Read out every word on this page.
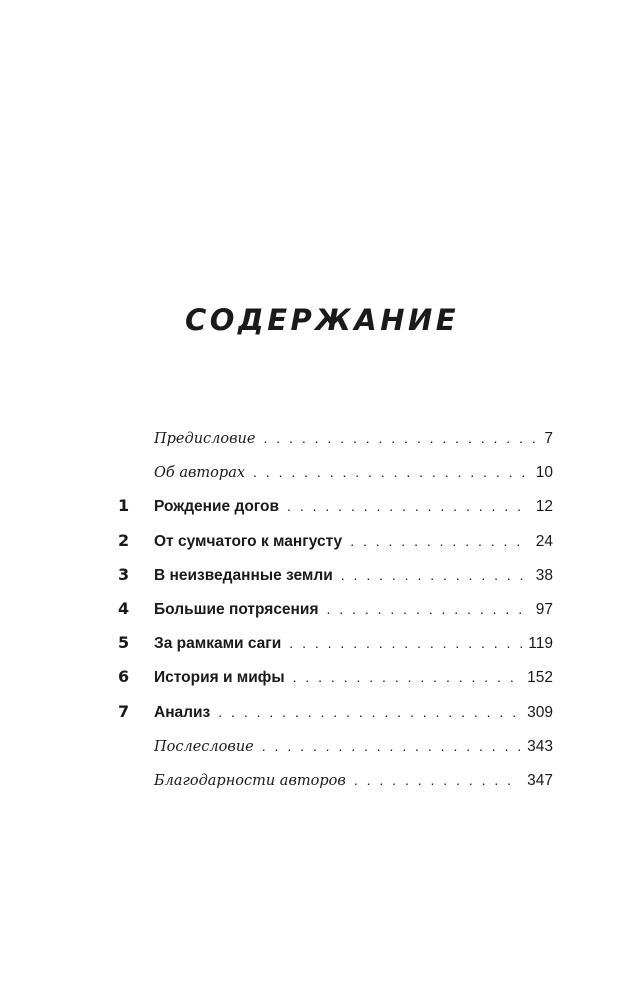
СОДЕРЖАНИЕ
Предисловие . . .	7
Об авторах . . .	10
1	Рождение догов . . .	12
2	От сумчатого к мангусту . . .	24
3	В неизведанные земли . . .	38
4	Большие потрясения . . .	97
5	За рамками саги . . .	119
6	История и мифы . . .	152
7	Анализ . . .	309
Послесловие . . .	343
Благодарности авторов . . .	347
